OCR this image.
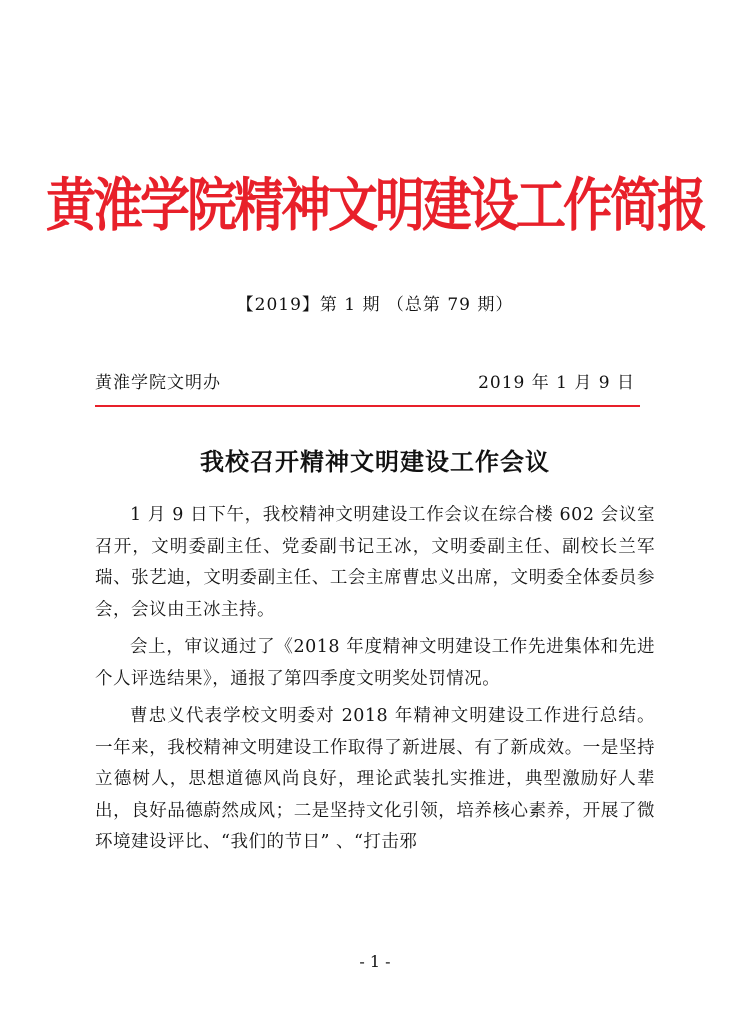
黄淮学院精神文明建设工作简报
【2019】第 1 期 （总第 79 期）
黄淮学院文明办	2019 年 1 月 9 日
我校召开精神文明建设工作会议

1 月 9 日下午，我校精神文明建设工作会议在综合楼 602 会议室召开，文明委副主任、党委副书记王冰，文明委副主任、副校长兰军瑞、张艺迪，文明委副主任、工会主席曹忠义出席，文明委全体委员参会，会议由王冰主持。

会上，审议通过了《2018 年度精神文明建设工作先进集体和先进个人评选结果》，通报了第四季度文明奖处罚情况。

曹忠义代表学校文明委对 2018 年精神文明建设工作进行总结。一年来，我校精神文明建设工作取得了新进展、有了新成效。一是坚持立德树人，思想道德风尚良好，理论武装扎实推进，典型激励好人辈出，良好品德蔚然成风；二是坚持文化引领，培养核心素养，开展了微环境建设评比、“我们的节日” 、“打击邪

- 1 -
